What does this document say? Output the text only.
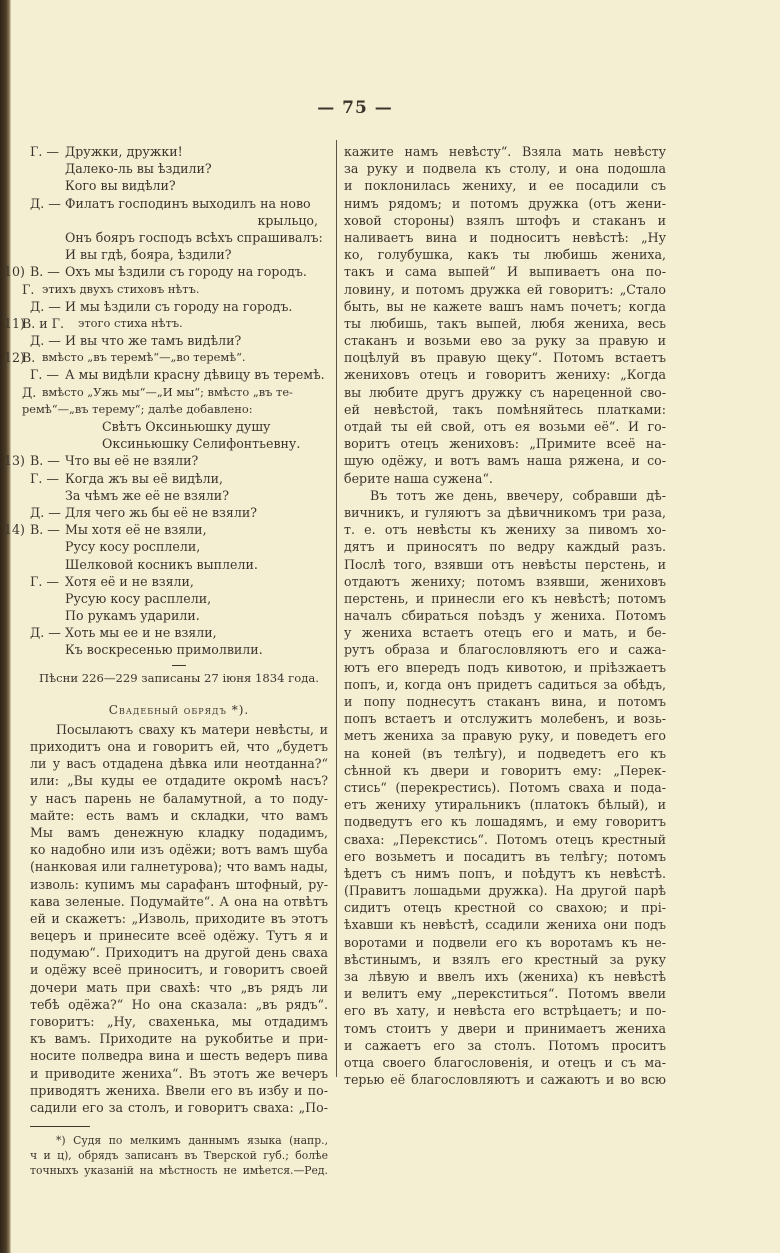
— 75 —
Г. — Дружки, дружки!
Далеко-ль вы ѣздили?
Кого вы видѣли?
Д. — Филатъ господинъ выходилъ на ново
крыльцо,
Онъ бояръ господъ всѣхъ спрашивалъ:
И вы гдѣ, бояра, ѣздили?
10) В. — Охъ мы ѣздили съ городу на городъ.
Г. этихъ двухъ стиховъ нѣтъ.
Д. — И мы ѣздили съ городу на городъ.
11)
В. и Г. этого стиха нѣтъ.
Д. — И вы что же тамъ видѣли?
12)
В. вмѣсто „въ теремѣ“—„во теремѣ“.
Г. — А мы видѣли красну дѣвицу въ теремѣ.
Д. вмѣсто „Ужь мы“—„И мы“; вмѣсто „въ те-
ремѣ“—„въ терему“; далѣе добавлено:
Свѣтъ Оксиньюшку душу
Оксиньюшку Селифонтьевну.
13) В. — Что вы её не взяли?
Г. — Когда жъ вы её видѣли,
За чѣмъ же её не взяли?
Д. — Для чего жь бы её не взяли?
14) В. — Мы хотя её не взяли,
Русу косу росплели,
Шелковой косникъ выплели.
Г. — Хотя её и не взяли,
Русую косу расплели,
По рукамъ ударили.
Д. — Хоть мы ее и не взяли,
Къ воскресенью примолвили.
Пѣсни 226—229 записаны 27 іюня 1834 года.
Свадебный обрядъ *).
Посылаютъ сваху къ матери невѣсты, и
приходитъ она и говоритъ ей, что „будетъ
ли у васъ отдадена дѣвка или неотданна?“
или: „Вы куды ее отдадите окромѣ насъ?
у насъ парень не баламутной, а то поду-
майте: есть вамъ и складки, что вамъ
Мы вамъ денежную кладку подадимъ,
ко надобно или изъ одёжи; вотъ вамъ шуба
(нанковая или галнетурова); что вамъ нады,
изволь: купимъ мы сарафанъ штофный, ру-
кава зеленые. Подумайте“. А она на отвѣтъ
ей и скажетъ: „Изволь, приходите въ этотъ
вецеръ и принесите всеё одёжу. Тутъ я и
подумаю“. Приходитъ на другой день сваха
и одёжу всеё приноситъ, и говоритъ своей
дочери мать при свахѣ: что „въ рядъ ли
тебѣ одёжа?“ Но она сказала: „въ рядъ“.
говоритъ: „Ну, свахенька, мы отдадимъ
къ вамъ. Приходите на рукобитье и при-
носите полведра вина и шесть ведеръ пива
и приводите жениха“. Въ этотъ же вечеръ
приводятъ жениха. Ввели его въ избу и по-
садили его за столъ, и говоритъ сваха: „По-
*) Судя по мелкимъ даннымъ языка (напр.,
ч и ц), обрядъ записанъ въ Тверской губ.; болѣе
точныхъ указаній на мѣстность не имѣется.—Ред.
кажите намъ невѣсту“. Взяла мать невѣсту
за руку и подвела къ столу, и она подошла
и поклонилась жениху, и ее посадили съ
нимъ рядомъ; и потомъ дружка (отъ жени-
ховой стороны) взялъ штофъ и стаканъ и
наливаетъ вина и подноситъ невѣстѣ: „Ну
ко, голубушка, какъ ты любишь жениха,
такъ и сама выпей“ И выпиваетъ она по-
ловину, и потомъ дружка ей говоритъ: „Стало
быть, вы не кажете вашъ намъ почетъ; когда
ты любишь, такъ выпей, любя жениха, весь
стаканъ и возьми ево за руку за правую и
поцѣлуй въ правую щеку“. Потомъ встаетъ
жениховъ отецъ и говоритъ жениху: „Когда
вы любите другъ дружку съ нареценной сво-
ей невѣстой, такъ помѣняйтесь платками:
отдай ты ей свой, отъ ея возьми её“. И го-
воритъ отецъ жениховъ: „Примите всеё на-
шую одёжу, и вотъ вамъ наша ряжена, и со-
берите наша сужена“.
Въ тотъ же день, ввечеру, собравши дѣ-
вичникъ, и гуляютъ за дѣвичникомъ три раза,
т. е. отъ невѣсты къ жениху за пивомъ хо-
дятъ и приносятъ по ведру каждый разъ.
Послѣ того, взявши отъ невѣсты перстень, и
отдаютъ жениху; потомъ взявши, жениховъ
перстень, и принесли его къ невѣстѣ; потомъ
началъ сбираться поѣздъ у жениха. Потомъ
у жениха встаетъ отецъ его и мать, и бе-
рутъ образа и благословляютъ его и сажа-
ютъ его впередъ подъ кивотою, и пріѣзжаетъ
попъ, и, когда онъ придетъ садиться за обѣдъ,
и попу поднесутъ стаканъ вина, и потомъ
попъ встаетъ и отслужитъ молебенъ, и возь-
метъ жениха за правую руку, и поведетъ его
на коней (въ телѣгу), и подведетъ его къ
сѣнной къ двери и говоритъ ему: „Перек-
стись“ (перекрестись). Потомъ сваха и пода-
етъ жениху утиральникъ (платокъ бѣлый), и
подведутъ его къ лошадямъ, и ему говоритъ
сваха: „Перекстись“. Потомъ отецъ крестный
его возьметъ и посадитъ въ телѣгу; потомъ
ѣдетъ съ нимъ попъ, и поѣдутъ къ невѣстѣ.
(Правитъ лошадьми дружка). На другой парѣ
сидитъ отецъ крестной со свахою; и прі-
ѣхавши къ невѣстѣ, ссадили жениха они подъ
воротами и подвели его къ воротамъ къ не-
вѣстинымъ, и взялъ его крестный за руку
за лѣвую и ввелъ ихъ (жениха) къ невѣстѣ
и велитъ ему „перекститься“. Потомъ ввели
его въ хату, и невѣста его встрѣцаетъ; и по-
томъ стоитъ у двери и принимаетъ жениха
и сажаетъ его за столъ. Потомъ проситъ
отца своего благословенія, и отецъ и съ ма-
терью её благословляютъ и сажаютъ и во всю
